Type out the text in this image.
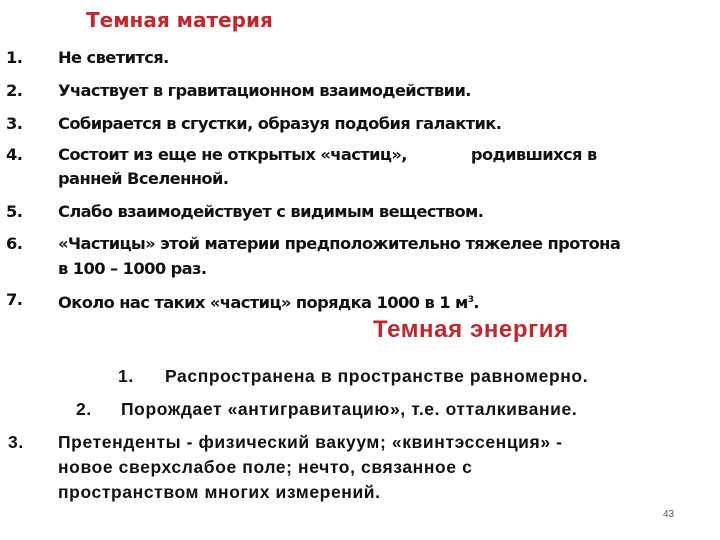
Темная материя
1.	Не светится.
2.	Участвует в гравитационном взаимодействии.
3.	Собирается в сгустки, образуя подобия галактик.
4.	Состоит из еще не открытых «частиц»,	родившихся в
ранней Вселенной.
5.	Слабо взаимодействует с видимым веществом.
6.	«Частицы» этой материи предположительно тяжелее протона
в 100 – 1000 раз.
7.	Около нас таких «частиц» порядка 1000 в 1 $м^3$.
Темная энергия
1. Распространена в пространстве равномерно.
2. Порождает «антигравитацию», т.е. отталкивание.
3. Претенденты - физический вакуум; «квинтэссенция» -
новое сверхслабое поле; нечто, связанное с
пространством многих измерений.
43
